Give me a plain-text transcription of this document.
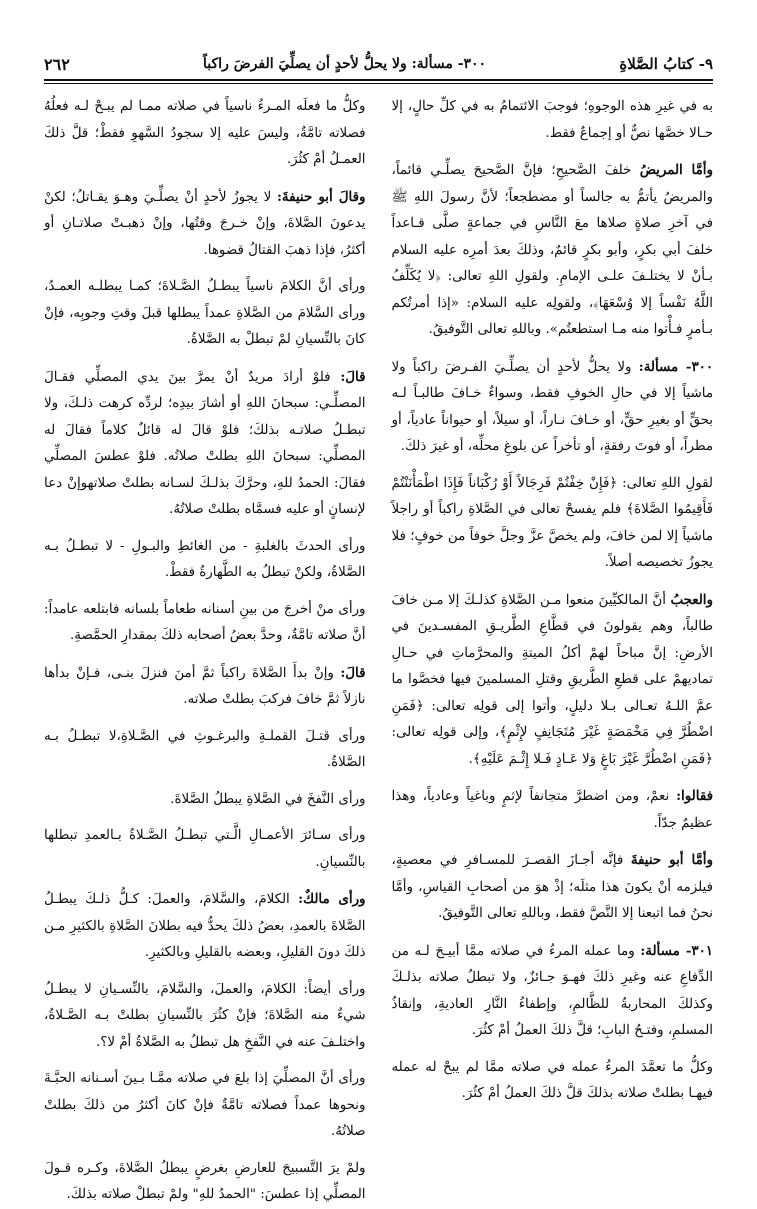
٩- كتابُ الصَّلاةِ
٣٠٠- مسألة: ولا يحلُّ لأحدٍ أن يصلِّيَ الفرضَ راكباً
٢٦٢

به في غيرِ هذه الوجوهِ؛ فوجبَ الائتمامُ به في كلِّ حالٍ، إلا حـالا خصَّها نصٌّ أو إجماعٌ فقط.

وأمَّا المريضُ خلفَ الصَّحيحِ؛ فإنَّ الصَّحيحَ يصلِّـي قائماً، والمريضُ يأتمُّ به جالساً أو مضطجعاً؛ لأنَّ رسولَ اللهِ ﷺ في آخرِ صلاةٍ صلاها معَ النَّاسِ في جماعةٍ صلَّى قـاعداً خلفَ أبي بكرٍ، وأبو بكرٍ قائمٌ، وذلكَ بعدَ أمرِه عليه السلام بـأنْ لا يختلـفَ علـى الإمامِ. ولقولِ اللهِ تعالى: ﴿لا يُكَلِّفُ اللَّهُ نَفْساً إلا وُسْعَهَا﴾، ولقولِه عليه السلام: «إذا أمرتُكم بـأمرٍ فـأْتوا منه مـا استطعتُم». وباللهِ تعالى التَّوفيقُ.

٣٠٠- مسألة: ولا يحلُّ لأحدٍ أن يصلِّـيَ الفـرضَ راكباً ولا ماشياً إلا في حالِ الخوفِ فقط، وسواءٌ خـافَ طالبـاً لـه بحقٍّ أو بغيرِ حقٍّ، أو خـافَ نـاراً، أو سيلاً، أو حيواناً عادياً، أو مطراً، أو فوتَ رفقةٍ، أو تأخراً عن بلوغِ محلِّه، أو غيرَ ذلكَ.

لقولِ اللهِ تعالى: ﴿فَإِنْ خِفْتُمْ فَرِجَالاً أَوْ رُكْبَاناً فَإِذَا اطْمَأْنَنْتُمْ فَأَقِيمُوا الصَّلاةَ﴾ فلم يفسحْ تعالى في الصَّلاةِ راكباً أو راجلاً ماشياً إلا لمن خافَ، ولم يخصَّ عزَّ وجلَّ خوفاً من خوفٍ؛ فلا يجوزُ تخصيصه أصلاً.

والعجبُ أنَّ المالكيِّينَ منعوا مـن الصَّلاةِ كذلـكَ إلا مـن خافَ طالباً، وهم يقولونَ في قطَّاعِ الطَّريـقِ المفسـدينَ في الأرضِ: إنَّ مباحاً لهمْ أكلُ الميتةِ والمحرَّماتِ في حـالِ تماديهمْ على قطعِ الطَّريقِ وقتلِ المسلمينَ فيها فخصَّوا ما عمَّ اللـهُ تعـالى بـلا دليلٍ، وأتوا إلى قولِه تعالى: ﴿فَمَنِ اضْطُرَّ فِي مَخْمَصَةٍ غَيْرَ مُتَجَانِفٍ لإِثْمٍ﴾، وإلى قولِه تعالى: ﴿فَمَنِ اضْطُرَّ غَيْرَ بَاغٍ وَلا عَـادٍ فَـلا إِثْـمَ عَلَيْهِ﴾.

فقالوا: نعمْ، ومن اضطرَّ متجانفاً لإثمٍ وباغياً وعادياً، وهذا عظيمٌ جدّاً.

وأمَّا أبو حنيفةَ فإنَّه أجـازَ القصـرَ للمسـافرِ في معصيةٍ، فيلزمه أنْ يكونَ هذا مثلَه؛ إذْ هوَ من أصحابِ القياسِ، وأمَّا نحنُ فما اتبعنا إلا النَّصَّ فقط، وباللهِ تعالى التَّوفيقُ.

٣٠١- مسألة: وما عمله المرءُ في صلاته ممَّا أبيـحَ لـه من الدِّفاعِ عنه وغيرِ ذلكَ فهـوَ جـائزٌ، ولا تبطلُ صلاته بذلـكَ وكذلكَ المحاربةُ للظَّالمِ، وإطفاءُ النَّارِ العاديةِ، وإنقاذُ المسلمِ، وفتـحُ البابِ؛ قلَّ ذلكَ العملُ أمْ كثُرَ.

وكلُّ ما تعمَّدَ المرءُ عمله في صلاته ممَّا لم يبحْ له عمله فيهـا بطلتْ صلاته بذلكَ قلَّ ذلكَ العملُ أمْ كثُرَ.

وكلُّ ما فعلَه المـرءُ ناسياً في صلاته ممـا لم يبـحْ لـه فعلُهُ فصلاته تامَّةٌ، وليسَ عليه إلا سجودُ السَّهوِ فقطْ؛ قلَّ ذلكَ العمـلُ أمْ كثُرَ.

وقالَ أبو حنيفةَ: لا يجوزُ لأحدٍ أنْ يصلِّـيَ وهـوَ يقـاتلُ؛ لكنْ يدعونَ الصَّلاةَ، وإنْ خـرجَ وقتُها، وإنْ ذهبـتْ صلاتـانِ أو أكثرُ، فإذا ذهبَ القتالُ قضوها.

ورأى أنَّ الكلامَ ناسياً يبطـلُ الصَّـلاةَ؛ كمـا يبطلـه العمـدُ، ورأى السَّلامَ من الصَّلاةِ عمداً يبطلها قبلَ وقتِ وجوبِه، فإنْ كانَ بالنِّسيانِ لمْ تبطلْ به الصَّلاةُ.

قالَ: فلوْ أرادَ مريدٌ أنْ يمرَّ بينَ يدي المصلِّي فقـالَ المصلِّـي: سبحانَ اللهِ أو أشارَ بيدِه؛ لردِّه كرهت ذلـكَ، ولا تبطـلُ صلاتـه بذلكَ؛ فلوْ قالَ له قائلٌ كلاماً فقالَ له المصلِّي: سبحانَ اللهِ بطلتْ صلاتُه. فلوْ عطسَ المصلِّي فقالَ: الحمدُ للهِ، وحرَّكَ بذلـكَ لسـانه بطلتْ صلاتهوإنْ دعا لإنسانٍ أو عليه فسمَّاه بطلتْ صلاتُهُ.

ورأى الحدثَ بالغلبةِ - من الغائطِ والبـولِ - لا تبطـلُ بـه الصَّلاةُ، ولكنْ تبطلُ به الطَّهارةُ فقطْ.

ورأى منْ أخرجَ من بينِ أسنانه طعاماً بلسانه فابتلعه عامداً: أنَّ صلاته تامَّةٌ، وحدَّ بعضُ أصحابه ذلكَ بمقدارِ الحمَّصةِ.

قالَ: وإنْ بدأَ الصَّلاةَ راكباً ثمَّ أمنَ فنزلَ بنـى، فـإنْ بدأها نازلاً ثمَّ خافَ فركبَ بطلتْ صلاته.

ورأى قتـلَ القملـةِ والبرغـوثِ في الصَّـلاةِ،لا تبطـلُ بـه الصَّلاةُ.

ورأى النَّفخَ في الصَّلاةِ يبطلُ الصَّلاةَ.

ورأى سـائرَ الأعمـالِ الَّـتي تبطـلُ الصَّـلاةُ بـالعمدِ تبطلها بالنِّسيانِ.

ورأى مالكٌ: الكلامَ، والسَّلامَ، والعملَ: كـلُّ ذلـكَ يبطـلُ الصَّلاةَ بالعمدِ، بعضُ ذلكَ يحدُّ فيه بطلانَ الصَّلاةِ بالكثيرِ مـن ذلكَ دونَ القليلِ، وبعضه بالقليلِ وبالكثيرِ.

ورأى أيضاً: الكلامَ، والعملَ، والسَّلامَ، بالنِّسـيانِ لا يبطـلُ شيءٌ منه الصَّلاةَ؛ فإنْ كثُرَ بالنِّسيانِ بطلتْ بـه الصَّـلاةُ، واختلـفَ عنه في النَّفخِ هل تبطلُ به الصَّلاةُ أمْ لا؟.

ورأى أنَّ المصلِّيَ إذا بلعَ في صلاته ممَّـا بـينَ أسـنانه الحبَّـةَ ونحوها عمداً فصلاته تامَّةٌ فإنْ كانَ أكثرُ من ذلكَ بطلتْ صلاتُهُ.

ولمْ يرَ التَّسبيحَ للعارضِ بغرضٍ يبطلُ الصَّلاةَ، وكـره قـولَ المصلِّي إذا عطسَ: "الحمدُ للهِ" ولمْ تبطلْ صلاته بذلكَ.
